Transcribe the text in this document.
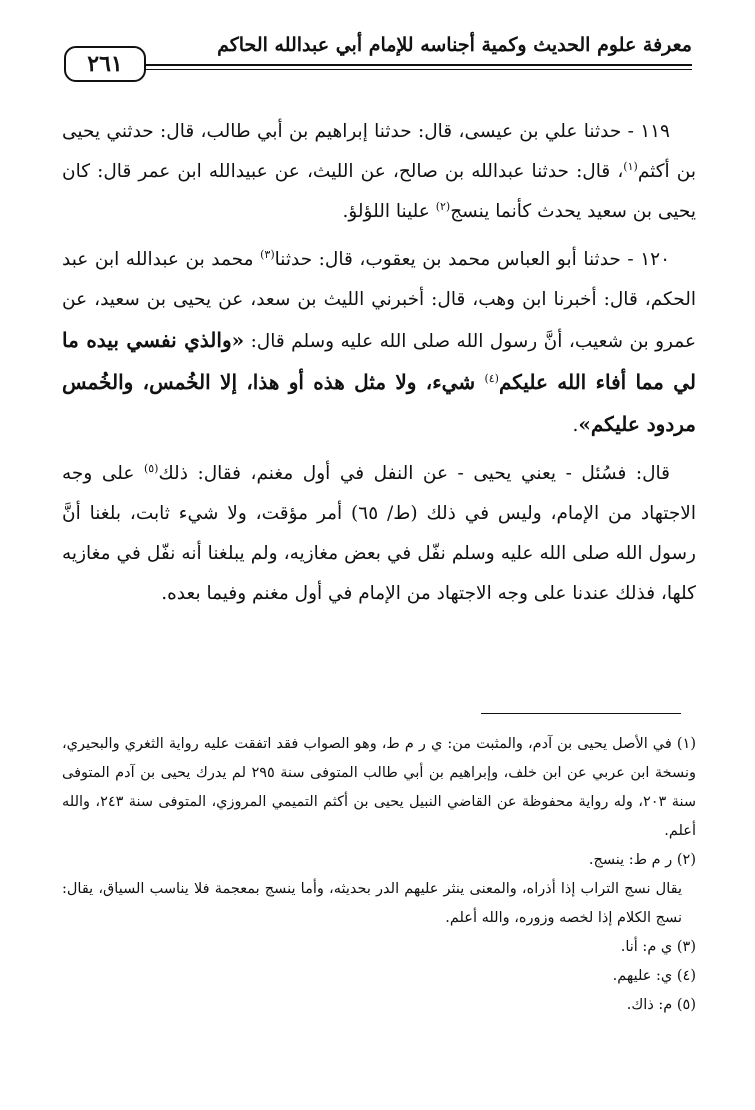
٢٦١
معرفة علوم الحديث وكمية أجناسه للإمام أبي عبدالله الحاكم

١١٩ - حدثنا علي بن عيسى، قال: حدثنا إبراهيم بن أبي طالب، قال: حدثني يحيى بن أكثم$^{(١)}$، قال: حدثنا عبدالله بن صالح، عن الليث، عن عبيدالله ابن عمر قال: كان يحيى بن سعيد يحدث كأنما ينسج$^{(٢)}$ علينا اللؤلؤ.

١٢٠ - حدثنا أبو العباس محمد بن يعقوب، قال: حدثنا$^{(٣)}$ محمد بن عبدالله ابن عبد الحكم، قال: أخبرنا ابن وهب، قال: أخبرني الليث بن سعد، عن يحيى بن سعيد، عن عمرو بن شعيب، أنَّ رسول الله صلى الله عليه وسلم قال: «والذي نفسي بيده ما لي مما أفاء الله عليكم$^{(٤)}$ شيء، ولا مثل هذه أو هذا، إلا الخُمس، والخُمس مردود عليكم».

قال: فسُئل - يعني يحيى - عن النفل في أول مغنم، فقال: ذلك$^{(٥)}$ على وجه الاجتهاد من الإمام، وليس في ذلك (ط/ ٦٥) أمر مؤقت، ولا شيء ثابت، بلغنا أنَّ رسول الله صلى الله عليه وسلم نفّل في بعض مغازيه، ولم يبلغنا أنه نفّل في مغازيه كلها، فذلك عندنا على وجه الاجتهاد من الإمام في أول مغنم وفيما بعده.

(١) في الأصل يحيى بن آدم، والمثبت من: ي ر م ط، وهو الصواب فقد اتفقت عليه رواية الثغري والبحيري، ونسخة ابن عربي عن ابن خلف، وإبراهيم بن أبي طالب المتوفى سنة ٢٩٥ لم يدرك يحيى بن آدم المتوفى سنة ٢٠٣، وله رواية محفوظة عن القاضي النبيل يحيى بن أكثم التميمي المروزي، المتوفى سنة ٢٤٣، والله أعلم.

(٢) ر م ط: ينسج.

يقال نسج التراب إذا أذراه، والمعنى ينثر عليهم الدر بحديثه، وأما ينسج بمعجمة فلا يناسب السياق، يقال: نسج الكلام إذا لخصه وزوره، والله أعلم.

(٣) ي م: أنا.

(٤) ي: عليهم.

(٥) م: ذاك.
